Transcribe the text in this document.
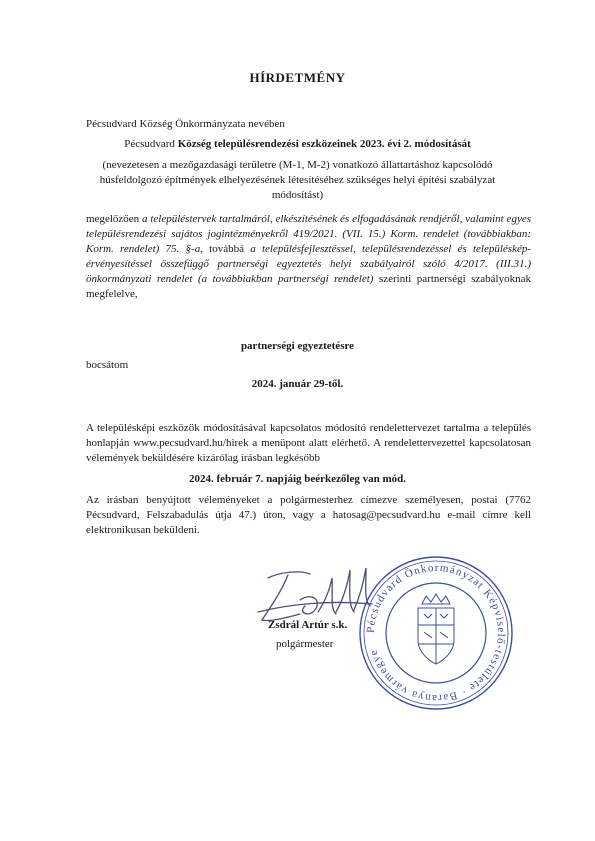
HÍRDETMÉNY
Pécsudvard Község Önkormányzata nevében
Pécsudvard Község településrendezési eszközeinek 2023. évi 2. módosítását
(nevezetesen a mezőgazdasági területre (M-1, M-2) vonatkozó állattartáshoz kapcsolódó
húsfeldolgozó építmények elhelyezésének létesítéséhez szükséges helyi építési szabályzat
módosítást)
megelőzően a településtervek tartalmáról, elkészítésének és elfogadásának rendjéről, valamint egyes
településrendezési sajátos jogintézményekről 419/2021. (VII. 15.) Korm. rendelet (továbbiakban:
Korm. rendelet) 75. §-a, továbbá a településfejlesztéssel, településrendezéssel és településkép-
érvényesítéssel összefüggő partnerségi egyeztetés helyi szabályairól szóló 4/2017. (III.31.)
önkormányzati rendelet (a továbbiakban partnerségi rendelet) szerinti partnerségi szabályoknak
megfelelve,
partnerségi egyeztetésre
bocsátom
2024. január 29-től.
A településképi eszközök módosításával kapcsolatos módosító rendelettervezet tartalma a település
honlapján www.pecsudvard.hu/hirek a menüpont alatt elérhető. A rendelettervezettel kapcsolatosan
vélemények beküldésére kizárólag írásban legkésőbb
2024. február 7. napjáig beérkezőleg van mód.
Az írásban benyújtott véleményeket a polgármesterhez címezve személyesen, postai (7762
Pécsudvard, Felszabadulás útja 47.) úton, vagy a hatosag@pecsudvard.hu e-mail címre kell
elektronikusan beküldeni.
Zsdrál Artúr s.k.
polgármester
Pécsudvard Önkormányzat Képviselő-testülete · Baranya vármegye
